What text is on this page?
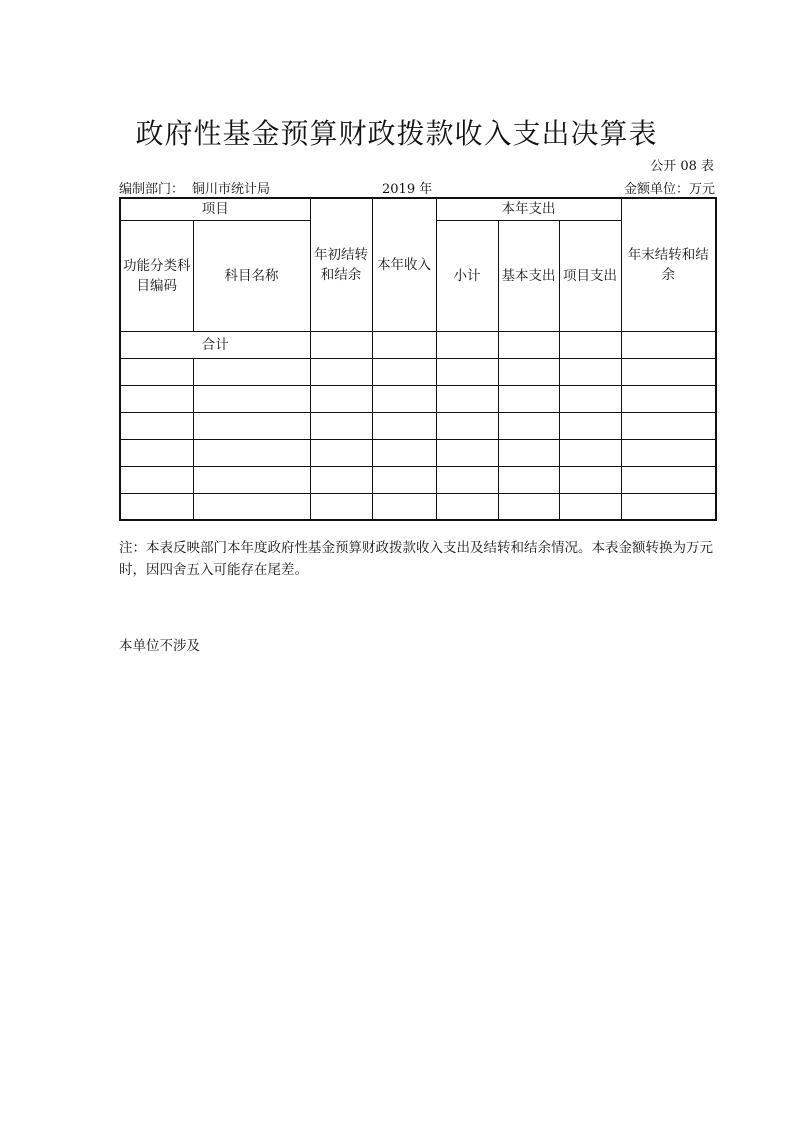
政府性基金预算财政拨款收入支出决算表
公开 08 表
编制部门： 铜川市统计局	2019 年	金额单位：万元
项目		年初结转和结余	本年收入	本年支出			年末结转和结余
功能分类科目编码	科目名称			小计	基本支出	项目支出	
合计							

注：本表反映部门本年度政府性基金预算财政拨款收入支出及结转和结余情况。本表金额转换为万元时，因四舍五入可能存在尾差。
本单位不涉及
